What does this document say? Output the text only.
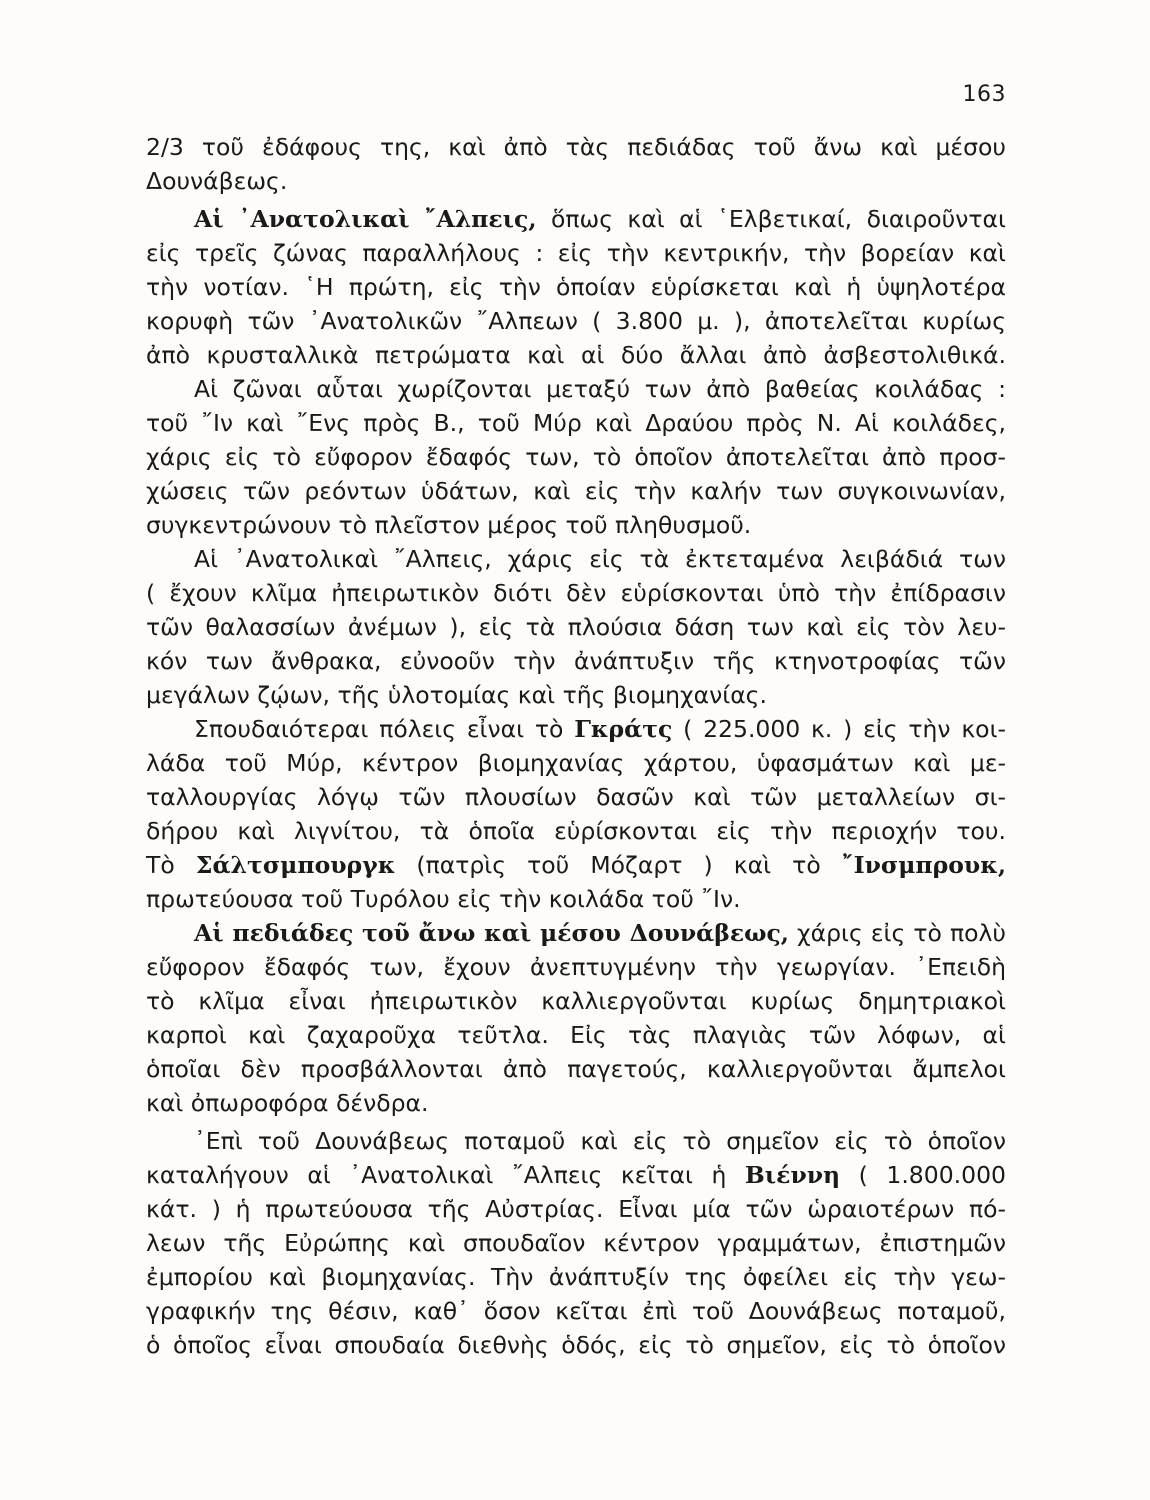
163
2/3 τοῦ ἐδάφους της, καὶ ἀπὸ τὰς πεδιάδας τοῦ ἄνω καὶ μέσου
Δουνάβεως.
Αἱ ᾿Ανατολικαὶ ῎Αλπεις, ὅπως καὶ αἱ ῾Ελβετικαί, διαιροῦνται
εἰς τρεῖς ζώνας παραλλήλους : εἰς τὴν κεντρικήν, τὴν βορείαν καὶ
τὴν νοτίαν. ῾Η πρώτη, εἰς τὴν ὁποίαν εὑρίσκεται καὶ ἡ ὑψηλοτέρα
κορυφὴ τῶν ᾿Ανατολικῶν ῎Αλπεων ( 3.800 μ. ), ἀποτελεῖται κυρίως
ἀπὸ κρυσταλλικὰ πετρώματα καὶ αἱ δύο ἄλλαι ἀπὸ ἀσβεστολιθικά.
Αἱ ζῶναι αὗται χωρίζονται μεταξύ των ἀπὸ βαθείας κοιλάδας :
τοῦ ῎Ιν καὶ ῎Ενς πρὸς Β., τοῦ Μύρ καὶ Δραύου πρὸς Ν. Αἱ κοιλάδες,
χάρις εἰς τὸ εὔφορον ἔδαφός των, τὸ ὁποῖον ἀποτελεῖται ἀπὸ προσ-
χώσεις τῶν ρεόντων ὑδάτων, καὶ εἰς τὴν καλήν των συγκοινωνίαν,
συγκεντρώνουν τὸ πλεῖστον μέρος τοῦ πληθυσμοῦ.
Αἱ ᾿Ανατολικαὶ ῎Αλπεις, χάρις εἰς τὰ ἐκτεταμένα λειβάδιά των
( ἔχουν κλῖμα ἠπειρωτικὸν διότι δὲν εὑρίσκονται ὑπὸ τὴν ἐπίδρασιν
τῶν θαλασσίων ἀνέμων ), εἰς τὰ πλούσια δάση των καὶ εἰς τὸν λευ-
κόν των ἄνθρακα, εὐνοοῦν τὴν ἀνάπτυξιν τῆς κτηνοτροφίας τῶν
μεγάλων ζῴων, τῆς ὑλοτομίας καὶ τῆς βιομηχανίας.
Σπουδαιότεραι πόλεις εἶναι τὸ Γκράτς ( 225.000 κ. ) εἰς τὴν κοι-
λάδα τοῦ Μύρ, κέντρον βιομηχανίας χάρτου, ὑφασμάτων καὶ με-
ταλλουργίας λόγῳ τῶν πλουσίων δασῶν καὶ τῶν μεταλλείων σι-
δήρου καὶ λιγνίτου, τὰ ὁποῖα εὑρίσκονται εἰς τὴν περιοχήν του.
Τὸ Σάλτσμπουργκ (πατρὶς τοῦ Μόζαρτ ) καὶ τὸ ῎Ινσμπρουκ,
πρωτεύουσα τοῦ Τυρόλου εἰς τὴν κοιλάδα τοῦ ῎Ιν.
Αἱ πεδιάδες τοῦ ἄνω καὶ μέσου Δουνάβεως, χάρις εἰς τὸ πολὺ
εὔφορον ἔδαφός των, ἔχουν ἀνεπτυγμένην τὴν γεωργίαν. ᾿Επειδὴ
τὸ κλῖμα εἶναι ἠπειρωτικὸν καλλιεργοῦνται κυρίως δημητριακοὶ
καρποὶ καὶ ζαχαροῦχα τεῦτλα. Εἰς τὰς πλαγιὰς τῶν λόφων, αἱ
ὁποῖαι δὲν προσβάλλονται ἀπὸ παγετούς, καλλιεργοῦνται ἄμπελοι
καὶ ὀπωροφόρα δένδρα.
᾿Επὶ τοῦ Δουνάβεως ποταμοῦ καὶ εἰς τὸ σημεῖον εἰς τὸ ὁποῖον
καταλήγουν αἱ ᾿Ανατολικαὶ ῎Αλπεις κεῖται ἡ Βιέννη ( 1.800.000
κάτ. ) ἡ πρωτεύουσα τῆς Αὐστρίας. Εἶναι μία τῶν ὡραιοτέρων πό-
λεων τῆς Εὐρώπης καὶ σπουδαῖον κέντρον γραμμάτων, ἐπιστημῶν
ἐμπορίου καὶ βιομηχανίας. Τὴν ἀνάπτυξίν της ὀφείλει εἰς τὴν γεω-
γραφικήν της θέσιν, καθ᾿ ὅσον κεῖται ἐπὶ τοῦ Δουνάβεως ποταμοῦ,
ὁ ὁποῖος εἶναι σπουδαία διεθνὴς ὁδός, εἰς τὸ σημεῖον, εἰς τὸ ὁποῖον
